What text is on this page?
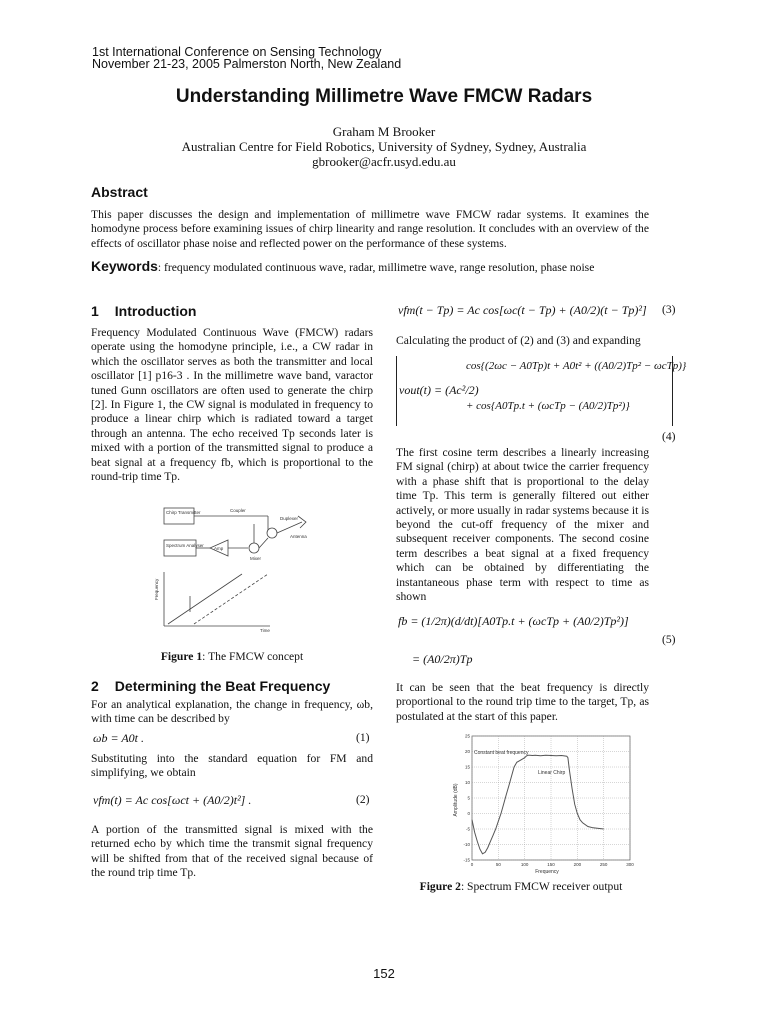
1st International Conference on Sensing Technology
November 21-23, 2005 Palmerston North, New Zealand
Understanding Millimetre Wave FMCW Radars
Graham M Brooker
Australian Centre for Field Robotics, University of Sydney, Sydney, Australia
gbrooker@acfr.usyd.edu.au
Abstract
This paper discusses the design and implementation of millimetre wave FMCW radar systems. It examines the homodyne process before examining issues of chirp linearity and range resolution. It concludes with an overview of the effects of oscillator phase noise and reflected power on the performance of these systems.
Keywords: frequency modulated continuous wave, radar, millimetre wave, range resolution, phase noise
1 Introduction
Frequency Modulated Continuous Wave (FMCW) radars operate using the homodyne principle, i.e., a CW radar in which the oscillator serves as both the transmitter and local oscillator [1] p16-3 . In the millimetre wave band, varactor tuned Gunn oscillators are often used to generate the chirp [2]. In Figure 1, the CW signal is modulated in frequency to produce a linear chirp which is radiated toward a target through an antenna. The echo received Tp seconds later is mixed with a portion of the transmitted signal to produce a beat signal at a frequency fb, which is proportional to the round-trip time Tp.
Chirp Transmitter	Coupler
Duplexer
Antenna
Spectrum Analyser
Amp
Mixer
Time
Frequency
Figure 1: The FMCW concept
2 Determining the Beat Frequency
For an analytical explanation, the change in frequency, ωb, with time can be described by
ωb = A0t .	(1)
Substituting into the standard equation for FM and simplifying, we obtain
vfm(t) = Ac cos[ωct + (A0/2)t²] .	(2)
A portion of the transmitted signal is mixed with the returned echo by which time the transmit signal frequency will be shifted from that of the received signal because of the round trip time Tp.
vfm(t − Tp) = Ac cos[ωc(t − Tp) + (A0/2)(t − Tp)²] (3)
Calculating the product of (2) and (3) and expanding
vout(t) = (Ac²/2)
cos{(2ωc − A0Tp)t + A0t² + ((A0/2)Tp² − ωcTp)}
+ cos{A0Tp.t + (ωcTp − (A0/2)Tp²)}
(4)
The first cosine term describes a linearly increasing FM signal (chirp) at about twice the carrier frequency with a phase shift that is proportional to the delay time Tp. This term is generally filtered out either actively, or more usually in radar systems because it is beyond the cut-off frequency of the mixer and subsequent receiver components. The second cosine term describes a beat signal at a fixed frequency which can be obtained by differentiating the instantaneous phase term with respect to time as shown
fb = (1/2π)(d/dt)[A0Tp.t + (ωcTp + (A0/2)Tp²)]
= (A0/2π)Tp
(5)
It can be seen that the beat frequency is directly proportional to the round trip time to the target, Tp, as postulated at the start of this paper.
0	50	100	150	200	250	300
25
20
15
10
5
0
-5
-10
-15
Constant beat frequency
Linear Chirp
Frequency
Amplitude (dB)
Figure 2: Spectrum FMCW receiver output
152
